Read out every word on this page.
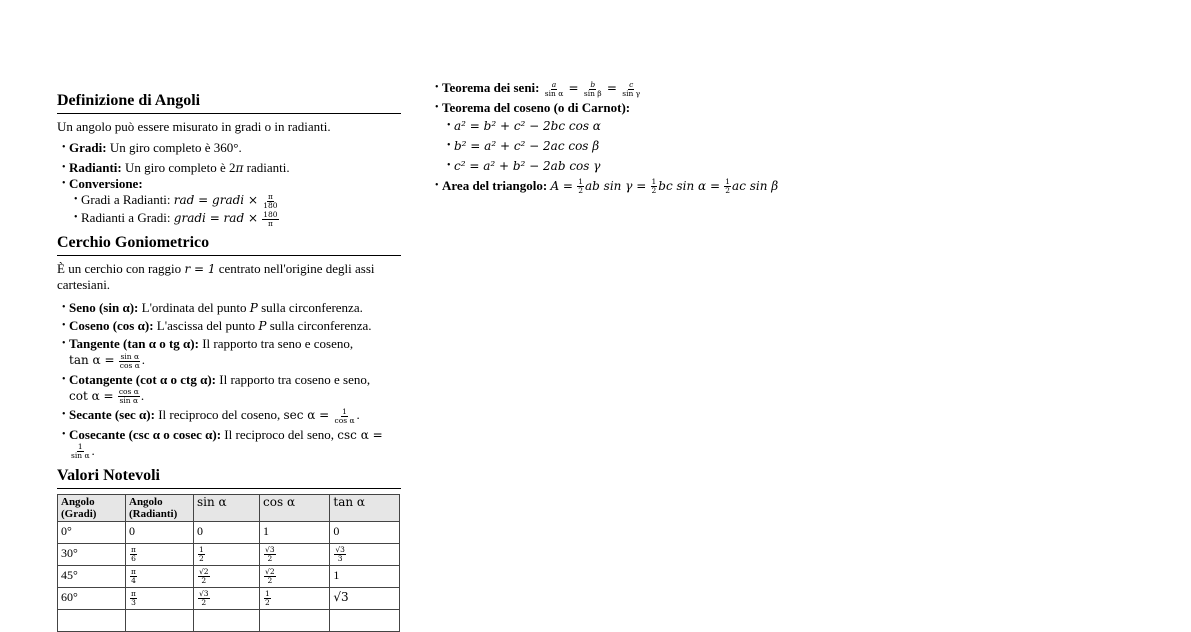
Definizione di Angoli

Un angolo può essere misurato in gradi o in radianti.

• Gradi: Un giro completo è 360°.
• Radianti: Un giro completo è 2π radianti.
• Conversione:
• Gradi a Radianti: rad = gradi × $\frac{\pi}{180}$
• Radianti a Gradi: gradi = rad × $\frac{180}{\pi}$
Cerchio Goniometrico

È un cerchio con raggio r = 1 centrato nell'origine degli assi cartesiani.

• Seno (sin α): L'ordinata del punto P sulla circonferenza.
• Coseno (cos α): L'ascissa del punto P sulla circonferenza.
• Tangente (tan α o tg α): Il rapporto tra seno e coseno,
$\tan \alpha = \frac{\text{sin α}}{\text{cos α}}$ .
• Cotangente (cot α o ctg α): Il rapporto tra coseno e seno,
$\cot \alpha = \frac{\text{cos α}}{\text{sin α}}$ .
• Secante (sec α): Il reciproco del coseno, $\sec \alpha = \frac{1}{\text{cos α}}$ .
• Cosecante (csc α o cosec α): Il reciproco del seno, csc α =

$\frac{1}{\text{sin α}}$ .
Valori Notevoli
Angolo (Gradi)	Angolo (Radianti)	sin α	cos α	tan α
0°	0	0	1	0
30°	$\frac{\pi}{6}$	$\frac{1}{2}$	$\frac{√3}{2}$	$\frac{√3}{3}$

45°	$\frac{\pi}{4}$	$\frac{√2}{2}$	$\frac{√2}{2}$	1
60°	$\frac{\pi}{3}$	$\frac{√3}{2}$	$\frac{1}{2}$	√3

• Teorema dei seni: $\frac{a}{\text{sin α}} = \frac{b}{\text{sin β}} = \frac{c}{\text{sin γ}}$
• Teorema del coseno (o di Carnot):
• a² = b² + c² − 2bc cos α
• b² = a² + c² − 2ac cos β
• c² = a² + b² − 2ab cos γ
• Area del triangolo: $A = \frac{1}{2}$ ab $\sin \gamma = \frac{1}{2}$ bc $\sin \alpha = \frac{1}{2}$ ac sin β
